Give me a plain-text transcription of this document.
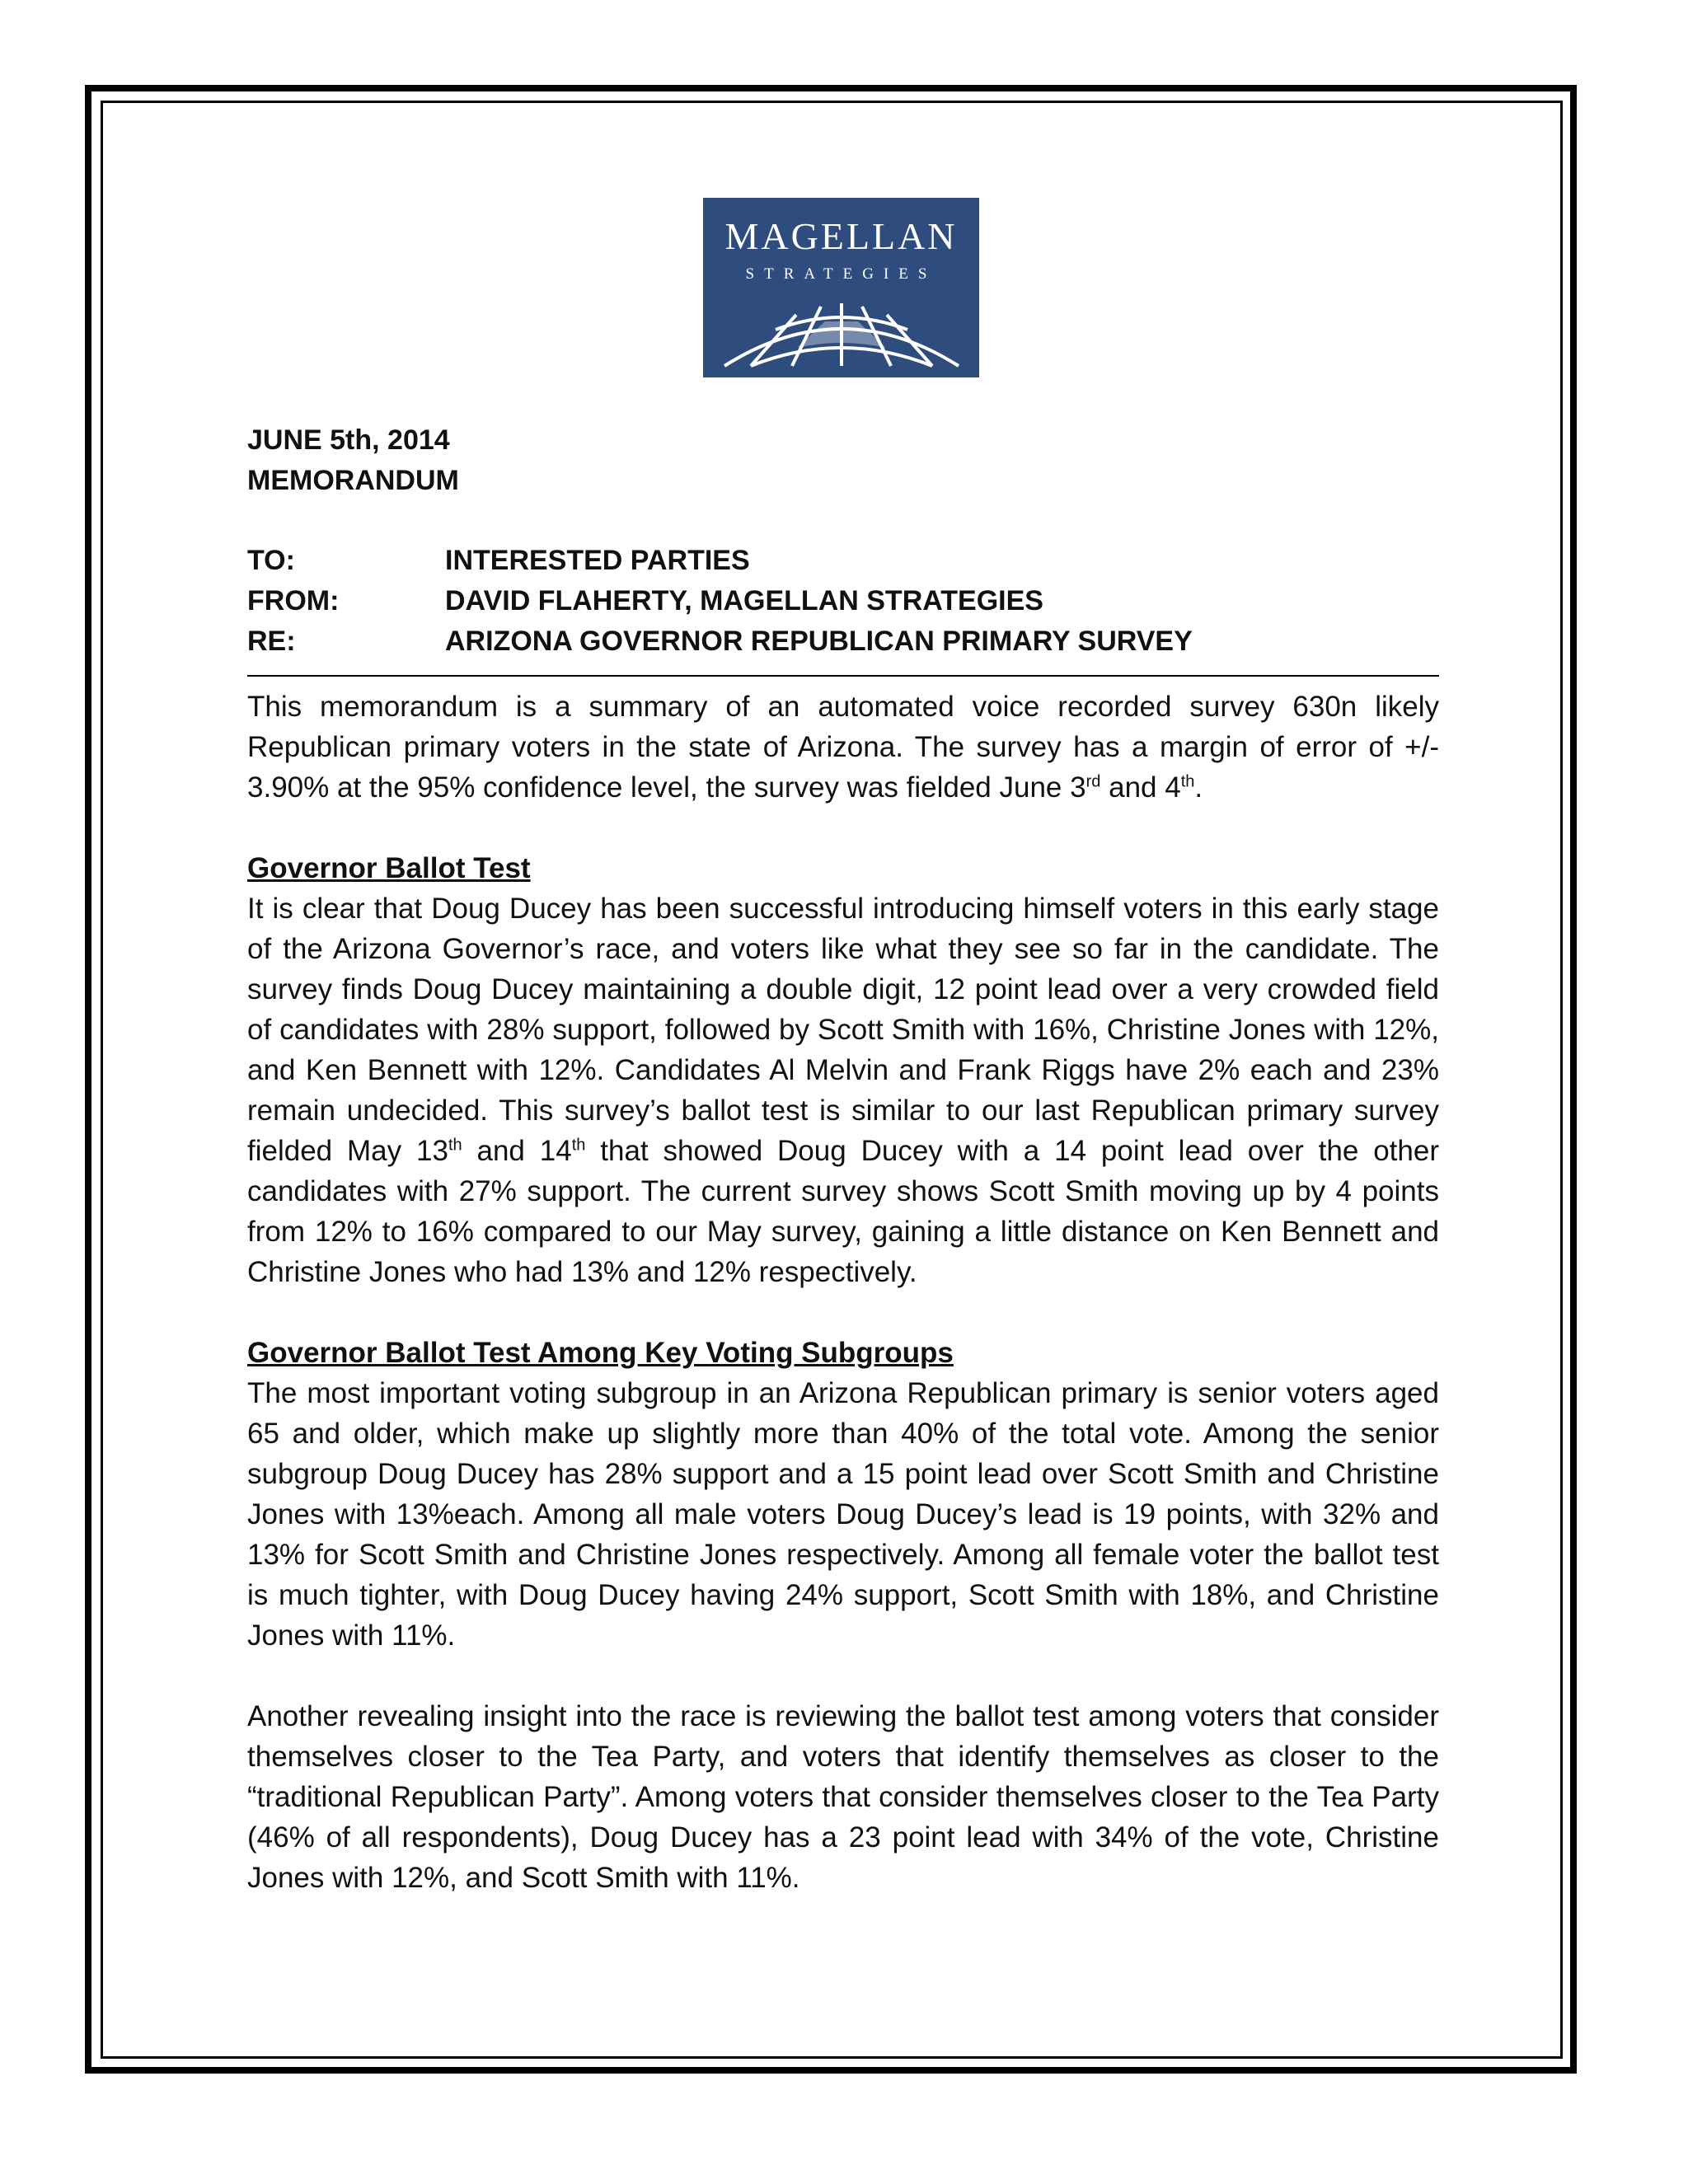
MAGELLAN
STRATEGIES
JUNE 5th, 2014
MEMORANDUM
TO:	INTERESTED PARTIES
FROM:	DAVID FLAHERTY, MAGELLAN STRATEGIES
RE:	ARIZONA GOVERNOR REPUBLICAN PRIMARY SURVEY

This memorandum is a summary of an automated voice recorded survey 630n likely Republican primary voters in the state of Arizona. The survey has a margin of error of +/- 3.90% at the 95% confidence level, the survey was fielded June 3rd and 4th.

Governor Ballot Test

It is clear that Doug Ducey has been successful introducing himself voters in this early stage of the Arizona Governor’s race, and voters like what they see so far in the candidate. The survey finds Doug Ducey maintaining a double digit, 12 point lead over a very crowded field of candidates with 28% support, followed by Scott Smith with 16%, Christine Jones with 12%, and Ken Bennett with 12%. Candidates Al Melvin and Frank Riggs have 2% each and 23% remain undecided. This survey’s ballot test is similar to our last Republican primary survey fielded May 13th and 14th that showed Doug Ducey with a 14 point lead over the other candidates with 27% support. The current survey shows Scott Smith moving up by 4 points from 12% to 16% compared to our May survey, gaining a little distance on Ken Bennett and Christine Jones who had 13% and 12% respectively.

Governor Ballot Test Among Key Voting Subgroups

The most important voting subgroup in an Arizona Republican primary is senior voters aged 65 and older, which make up slightly more than 40% of the total vote. Among the senior subgroup Doug Ducey has 28% support and a 15 point lead over Scott Smith and Christine Jones with 13%each. Among all male voters Doug Ducey’s lead is 19 points, with 32% and 13% for Scott Smith and Christine Jones respectively. Among all female voter the ballot test is much tighter, with Doug Ducey having 24% support, Scott Smith with 18%, and Christine Jones with 11%.

Another revealing insight into the race is reviewing the ballot test among voters that consider themselves closer to the Tea Party, and voters that identify themselves as closer to the “traditional Republican Party”. Among voters that consider themselves closer to the Tea Party (46% of all respondents), Doug Ducey has a 23 point lead with 34% of the vote, Christine Jones with 12%, and Scott Smith with 11%.
